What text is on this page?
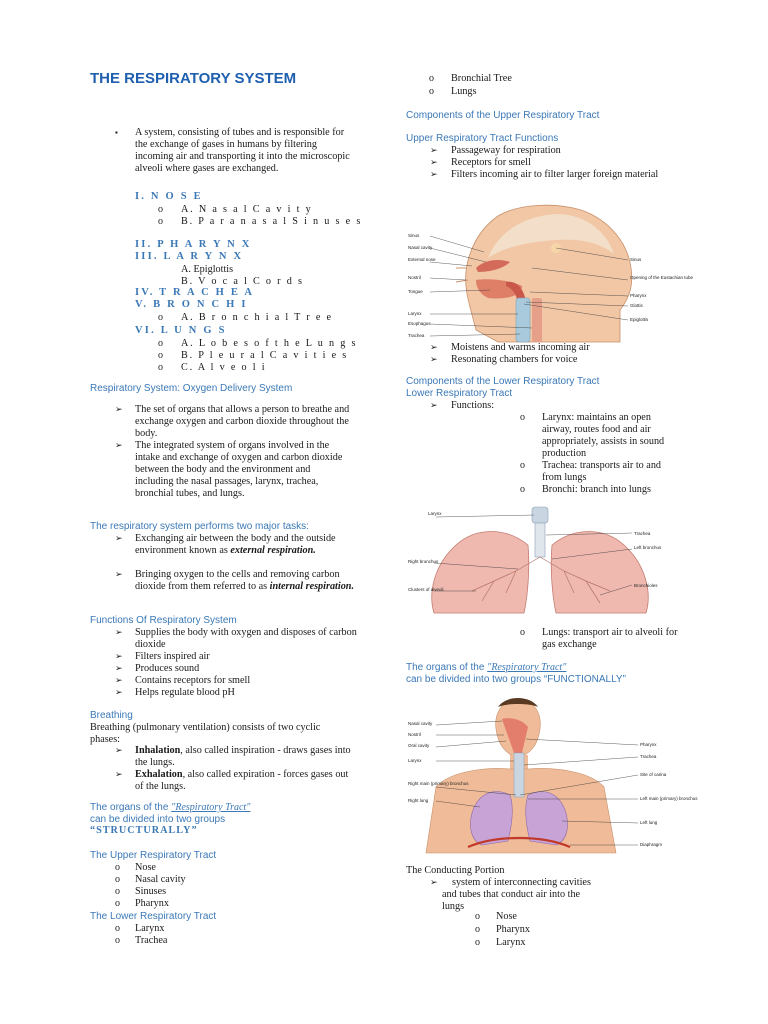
THE RESPIRATORY SYSTEM
▪ A system, consisting of tubes and is responsible for the exchange of gases in humans by filtering incoming air and transporting it into the microscopic alveoli where gases are exchanged.
I. N O S E
o A. N a s a l C a v i t y
o B. P a r a n a s a l S i n u s e s
II. P H A R Y N X
III. L A R Y N X
A. Epiglottis
B. V o c a l C o r d s
IV. T R A C H E A
V. B R O N C H I
o A. B r o n c h i a l T r e e
VI. L U N G S
o A. L o b e s o f t h e L u n g s
o B. P l e u r a l C a v i t i e s
o C. A l v e o l i
Respiratory System: Oxygen Delivery System
➢ The set of organs that allows a person to breathe and exchange oxygen and carbon dioxide throughout the body.
➢ The integrated system of organs involved in the intake and exchange of oxygen and carbon dioxide between the body and the environment and including the nasal passages, larynx, trachea, bronchial tubes, and lungs.
The respiratory system performs two major tasks:
➢ Exchanging air between the body and the outside environment known as external respiration.
➢ Bringing oxygen to the cells and removing carbon dioxide from them referred to as internal respiration.
Functions Of Respiratory System
➢ Supplies the body with oxygen and disposes of carbon dioxide
➢ Filters inspired air
➢ Produces sound
➢ Contains receptors for smell
➢ Helps regulate blood pH
Breathing
Breathing (pulmonary ventilation) consists of two cyclic phases:
➢ Inhalation, also called inspiration - draws gases into the lungs.
➢ Exhalation, also called expiration - forces gases out of the lungs.
The organs of the "Respiratory Tract"
can be divided into two groups
“STRUCTURALLY”
The Upper Respiratory Tract
o Nose
o Nasal cavity
o Sinuses
o Pharynx
The Lower Respiratory Tract
o Larynx
o Trachea
o Bronchial Tree
o Lungs
Components of the Upper Respiratory Tract
Upper Respiratory Tract Functions
➢ Passageway for respiration
➢ Receptors for smell
➢ Filters incoming air to filter larger foreign material
Sinus
Nasal cavity
External nose
Nostril
Tongue
Larynx
Esophagus
Trachea
Sinus
Opening of the Eustachian tube
Pharynx
Glottis
Epiglottis
➢ Moistens and warms incoming air
➢ Resonating chambers for voice
Components of the Lower Respiratory Tract
Lower Respiratory Tract
➢ Functions:
o Larynx: maintains an open airway, routes food and air appropriately, assists in sound production
o Trachea: transports air to and from lungs
o Bronchi: branch into lungs
Larynx
Trachea
Left bronchus
Right bronchus
Clusters of alveoli
Bronchioles
o Lungs: transport air to alveoli for gas exchange
The organs of the "Respiratory Tract"
can be divided into two groups “FUNCTIONALLY”
Nasal cavity
Nostril
Oral cavity
Larynx
Right main (primary) bronchus
Right lung
Pharynx
Trachea
Site of carina
Left main (primary) bronchus
Left lung
Diaphragm
The Conducting Portion
➢	system of interconnecting cavities and tubes that conduct air into the lungs
o Nose
o Pharynx
o Larynx
